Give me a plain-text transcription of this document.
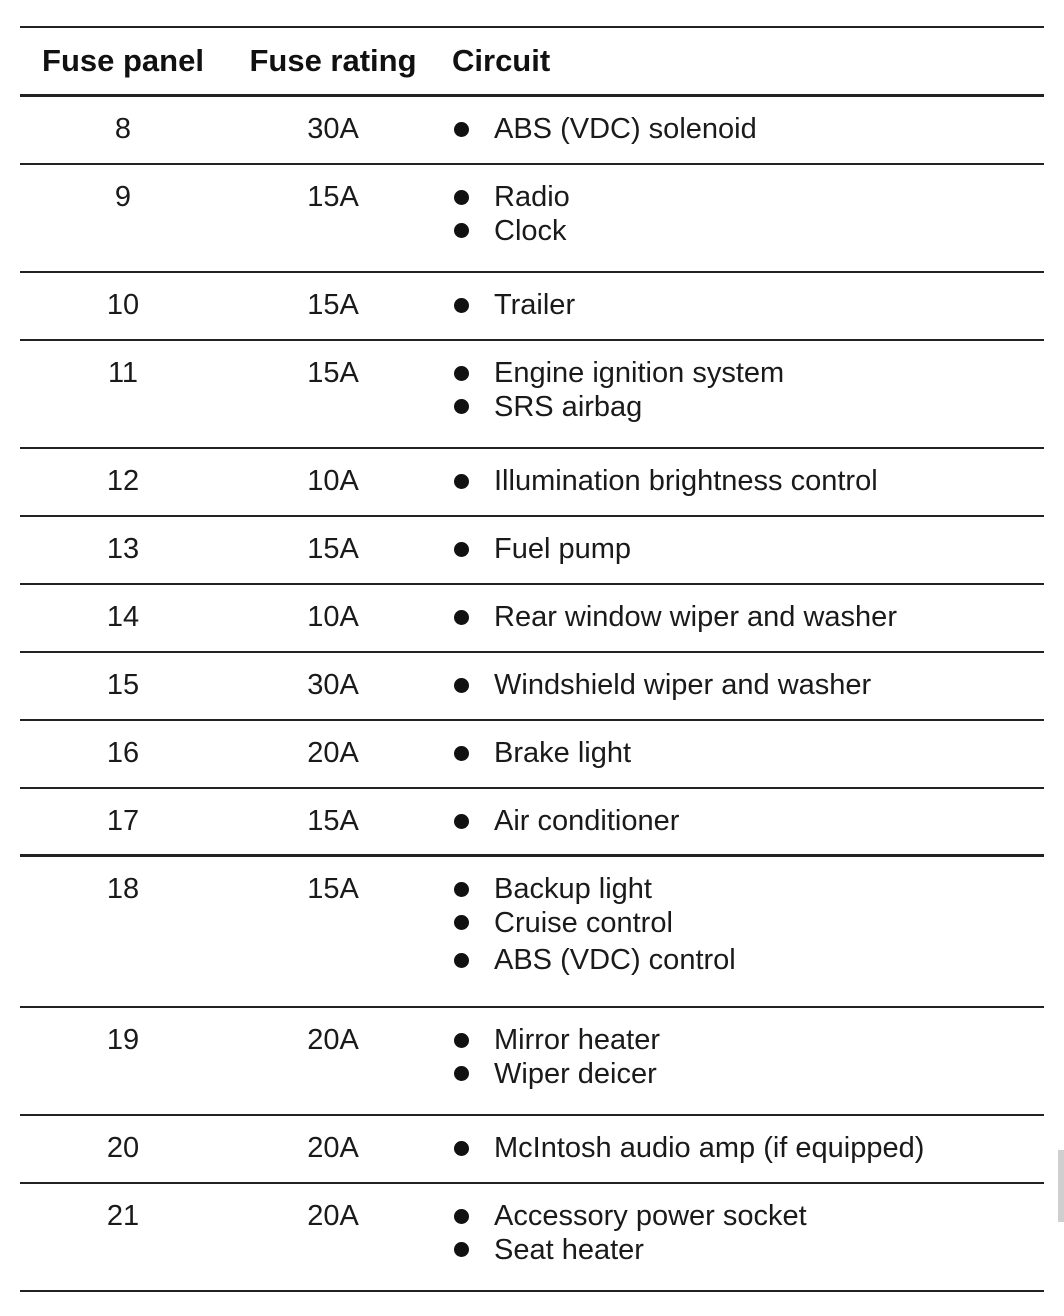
Fuse panel	Fuse rating	Circuit
8	30A	ABS (VDC) solenoid
9	15A	Radio
Clock
10	15A	Trailer
11	15A	Engine ignition system
SRS airbag
12	10A	Illumination brightness control
13	15A	Fuel pump
14	10A	Rear window wiper and washer
15	30A	Windshield wiper and washer
16	20A	Brake light
17	15A	Air conditioner
18	15A	Backup light
Cruise control
ABS (VDC) control
19	20A	Mirror heater
Wiper deicer
20	20A	McIntosh audio amp (if equipped)
21	20A	Accessory power socket
Seat heater
